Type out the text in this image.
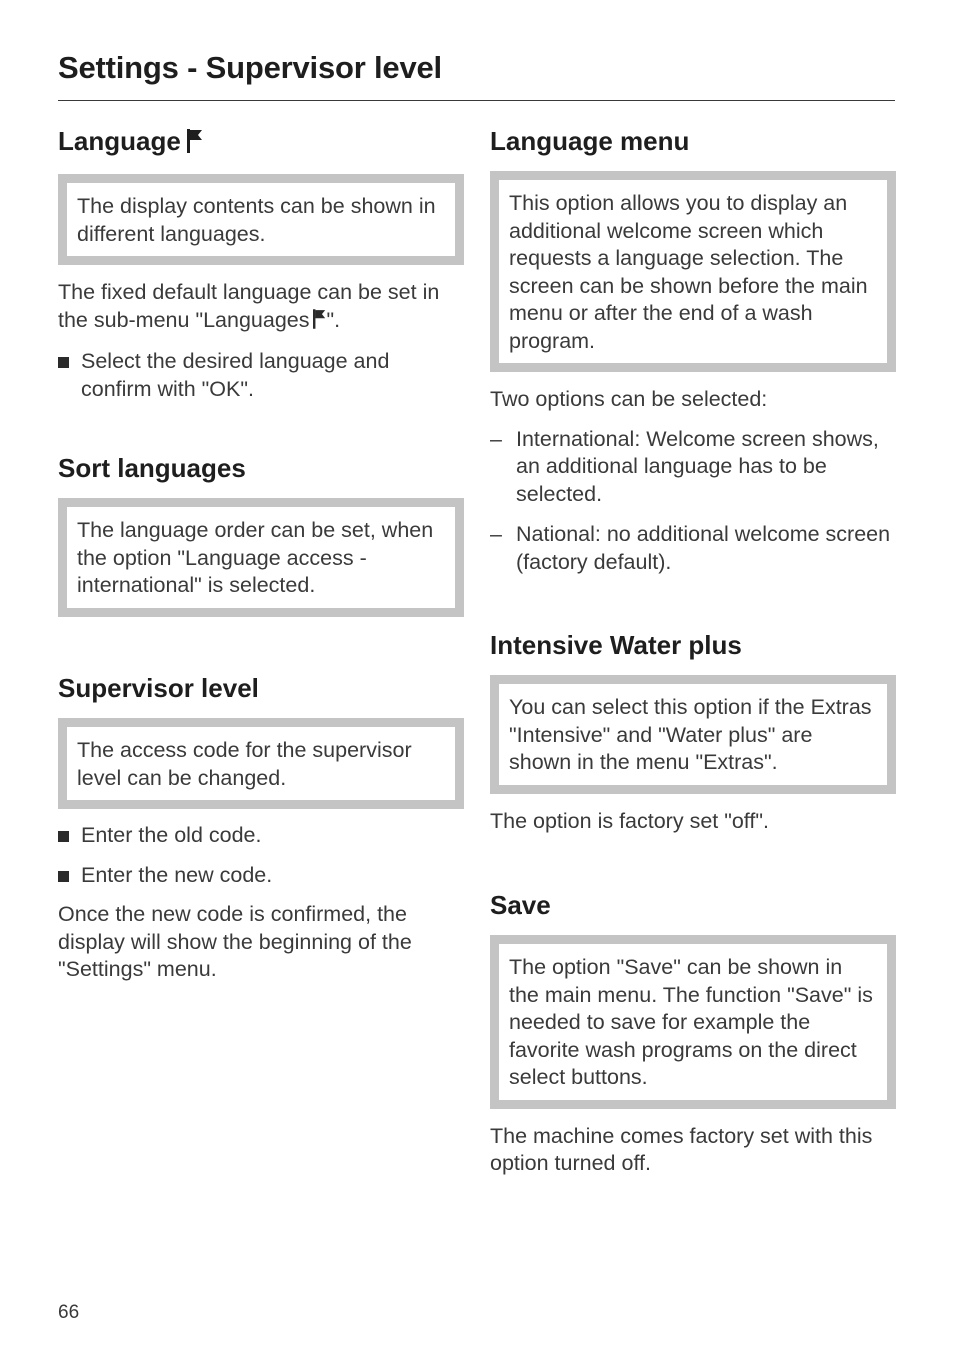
Settings - Supervisor level
Language
The display contents can be shown in different languages.

The fixed default language can be set in the sub-menu "Languages ".

Select the desired language and confirm with "OK".
Sort languages
The language order can be set, when the option "Language access - international" is selected.
Supervisor level
The access code for the supervisor level can be changed.
Enter the old code.
Enter the new code.

Once the new code is confirmed, the display will show the beginning of the "Settings" menu.

Language menu
This option allows you to display an additional welcome screen which requests a language selection. The screen can be shown before the main menu or after the end of a wash program.

Two options can be selected:

– International: Welcome screen shows, an additional language has to be selected.
– National: no additional welcome screen (factory default).
Intensive Water plus
You can select this option if the Extras "Intensive" and "Water plus" are shown in the menu "Extras".

The option is factory set "off".

Save
The option "Save" can be shown in the main menu. The function "Save" is needed to save for example the favorite wash programs on the direct select buttons.

The machine comes factory set with this option turned off.

66
